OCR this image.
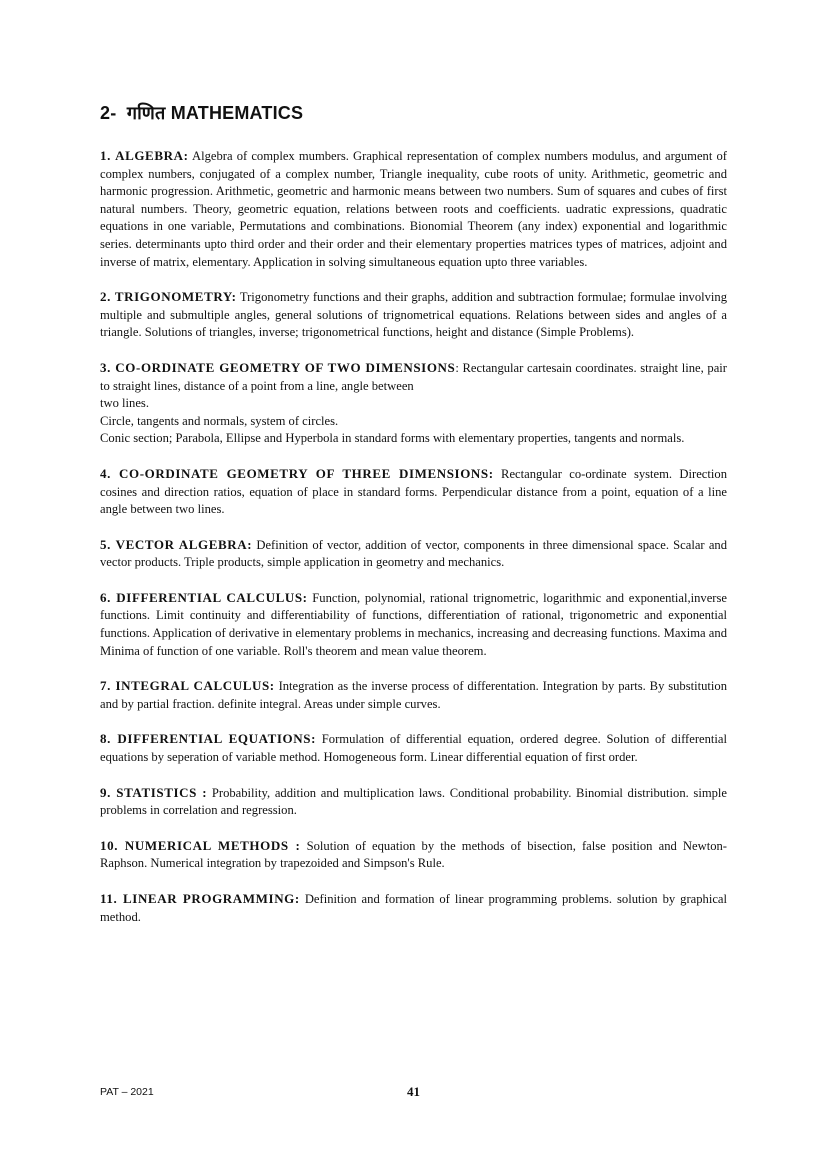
2- गणित MATHEMATICS
1. ALGEBRA: Algebra of complex mumbers. Graphical representation of complex numbers modulus, and argument of complex numbers, conjugated of a complex number, Triangle inequality, cube roots of unity. Arithmetic, geometric and harmonic progression. Arithmetic, geometric and harmonic means between two numbers. Sum of squares and cubes of first natural numbers. Theory, geometric equation, relations between roots and coefficients. uadratic expressions, quadratic equations in one variable, Permutations and combinations. Bionomial Theorem (any index) exponential and logarithmic series. determinants upto third order and their order and their elementary properties matrices types of matrices, adjoint and inverse of matrix, elementary. Application in solving simultaneous equation upto three variables.
2. TRIGONOMETRY: Trigonometry functions and their graphs, addition and subtraction formulae; formulae involving multiple and submultiple angles, general solutions of trignometrical equations. Relations between sides and angles of a triangle. Solutions of triangles, inverse; trigonometrical functions, height and distance (Simple Problems).
3. CO-ORDINATE GEOMETRY OF TWO DIMENSIONS: Rectangular cartesain coordinates. straight line, pair to straight lines, distance of a point from a line, angle between
two lines.
Circle, tangents and normals, system of circles.
Conic section; Parabola, Ellipse and Hyperbola in standard forms with elementary properties, tangents and normals.
4. CO-ORDINATE GEOMETRY OF THREE DIMENSIONS: Rectangular co-ordinate system. Direction cosines and direction ratios, equation of place in standard forms. Perpendicular distance from a point, equation of a line angle between two lines.
5. VECTOR ALGEBRA: Definition of vector, addition of vector, components in three dimensional space. Scalar and vector products. Triple products, simple application in geometry and mechanics.
6. DIFFERENTIAL CALCULUS: Function, polynomial, rational trignometric, logarithmic and exponential,inverse functions. Limit continuity and differentiability of functions, differentiation of rational, trigonometric and exponential functions. Application of derivative in elementary problems in mechanics, increasing and decreasing functions. Maxima and Minima of function of one variable. Roll's theorem and mean value theorem.
7. INTEGRAL CALCULUS: Integration as the inverse process of differentation. Integration by parts. By substitution and by partial fraction. definite integral. Areas under simple curves.
8. DIFFERENTIAL EQUATIONS: Formulation of differential equation, ordered degree. Solution of differential equations by seperation of variable method. Homogeneous form. Linear differential equation of first order.
9. STATISTICS : Probability, addition and multiplication laws. Conditional probability. Binomial distribution. simple problems in correlation and regression.
10. NUMERICAL METHODS : Solution of equation by the methods of bisection, false position and Newton-Raphson. Numerical integration by trapezoided and Simpson's Rule.
11. LINEAR PROGRAMMING: Definition and formation of linear programming problems. solution by graphical method.
PAT – 2021	41
